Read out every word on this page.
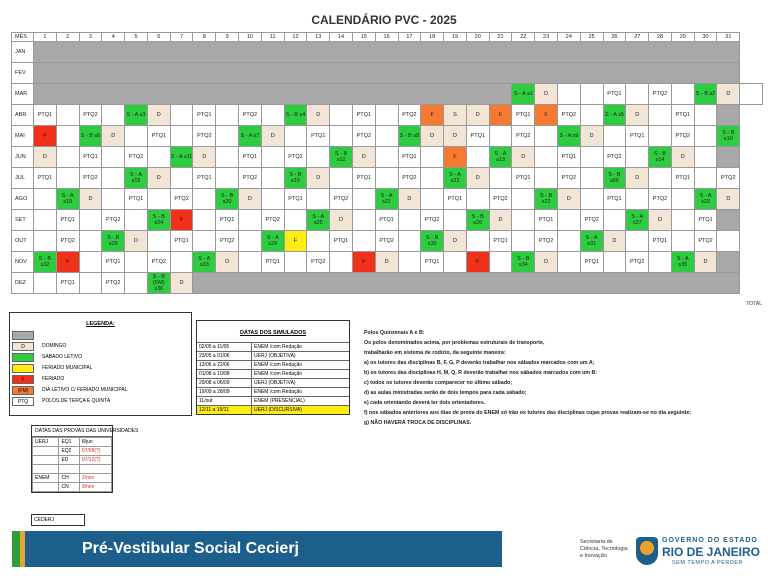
CALENDÁRIO PVC - 2025
MÊS	1	2	3	4	5	6	7	8	9	10	11	12	13	14	15	16	17	18	19	20	21	22	23	24	25	26	27	28	29	30	31	
JAN																																
FEV																																
MAR																						S - A s1	D			PTQ1		PTQ2		S - B s2	D	
ABR	PTQ1		PTQ2		S - A s3	D		PTQ1		PTQ2		S - B s4	D		PTQ1		PTQ2	F	S	D	F	PTQ1	F	PTQ2		S - A s5	D		PTQ1			
MAI	F		S - B s6	D		PTQ1		PTQ2		S - A s7	D		PTQ1		PTQ2		S - B s8	D	D	PTQ1		PTQ2		S - A s9	D		PTQ1		PTQ2		S - B s10	
JUN	D		PTQ1		PTQ2		S - A s11	D		PTQ1		PTQ2		S - B s12	D		PTQ1		F		S - A s13	D		PTQ1		PTQ2		S - B s14	D			
JUL	PTQ1		PTQ2		S - A s15	D		PTQ1		PTQ2		S - B s16	D		PTQ1		PTQ2		S - A s31	D		PTQ1		PTQ2		S - B s66	D		PTQ1		PTQ2	
AGO		S - A s19	D		PTQ1		PTQ2		S - B s20	D		PTQ1		PTQ2		S - A s21	D		PTQ1		PTQ2		S - B s22	D		PTQ1		PTQ2		S - A s23	D	
SET		PTQ1		PTQ2		S - B s24	F		PTQ1		PTQ2		S - A s25	D		PTQ1		PTQ2		S - B s26	D		PTQ1		PTQ2		S - A s27	D		PTQ1		
OUT		PTQ2		S - B s28	D		PTQ1		PTQ2		S - A s29	F		PTQ1		PTQ2		S - B s30	D		PTQ1		PTQ2		S - A s31	D		PTQ1		PTQ2		
NOV	S - B s32	F		PTQ1		PTQ2		S - A s33	D		PTQ1		PTQ2		F	D		PTQ1		F		S - B s34	D		PTQ1		PTQ2		S - A s35	D		
DEZ		PTQ1		PTQ2		S - B (FM) s36	D																									
TOTAL
LEGENDA:
D	DOMINGO
SÁBADO LETIVO
FERIADO MUNICIPAL
F	FERIADO
(FM)	DIA LETIVO C/ FERIADO MUNICIPAL
PTQ	POLOS DE TERÇA E QUINTA
DATAS DOS SIMULADOS
02/05 a 11/05	ENEM /com Redação
23/05 a 01/06	UERJ (OBJETIVA)
13/06 a 22/06	ENEM /com Redação
01/08 a 10/08	ENEM /com Redação
29/08 a 06/09	UERJ (OBJETIVA)
19/09 a 28/09	ENEM /com Redação
11/out	ENEM (PRESENCIAL)
12/11 a 19/11	UERJ (DISCURSIVA)
DATAS DAS PROVAS DAS UNIVERSIDADES
UERJ	EQ1	8/jun
	EQ2	07/09(?)
	ED	07/12(?)

ENEM	CH	2/nov
	CN	9/nov
CEDERJ
Polos Quinzenais A e B:
Os polos denominados acima, por problemas estruturais de transporte,
trabalharão em sistema de rodízio, da seguinte maneira:
a) os tutores das disciplinas B, F, G, P deverão trabalhar nos sábados marcados com um A;
b) os tutores das disciplinas H, M, Q, R deverão trabalhar nos sábados marcados com um B:
c) todos os tutores deverão comparecer no último sábado;
d) as aulas ministradas serão de dois tempos para cada sábado;
e) cada orientando deverá ter dois orientadores.
f) nos sábados anteriores aos dias de prova do ENEM só irão os tutores das disciplinas cujas provas realizam-se no dia seguinte;
g) NÃO HAVERÁ TROCA DE DISCIPLINAS.
Pré-Vestibular Social Cecierj	Secretaria de
Ciência, Tecnologia
e Inovação
GOVERNO DO ESTADO
RIO DE JANEIRO
SEM TEMPO A PERDER
